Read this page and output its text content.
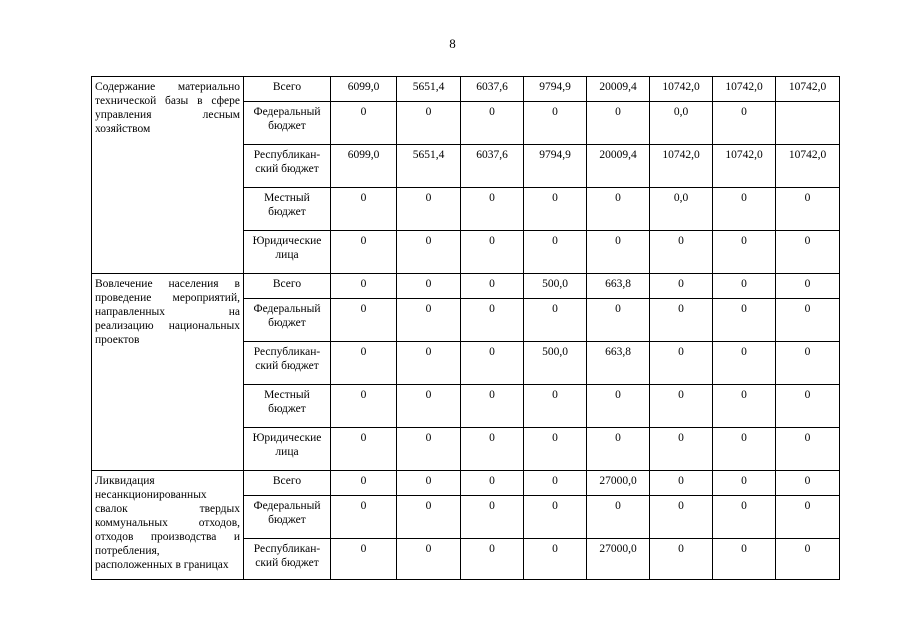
8
Содержание материально технической базы в сфере управления лесным хозяйством	Всего	6099,0	5651,4	6037,6	9794,9	20009,4	10742,0	10742,0	10742,0
	Федеральный бюджет	0	0	0	0	0	0,0	0	
	Республикан-ский бюджет	6099,0	5651,4	6037,6	9794,9	20009,4	10742,0	10742,0	10742,0
	Местный бюджет	0	0	0	0	0	0,0	0	0
	Юридические лица	0	0	0	0	0	0	0	0
Вовлечение населения в проведение мероприятий, направленных на реализацию национальных проектов	Всего	0	0	0	500,0	663,8	0	0	0
	Федеральный бюджет	0	0	0	0	0	0	0	0
	Республикан-ский бюджет	0	0	0	500,0	663,8	0	0	0
	Местный бюджет	0	0	0	0	0	0	0	0
	Юридические лица	0	0	0	0	0	0	0	0
Ликвидация несанкционированных свалок твердых коммунальных отходов, отходов производства и потребления, расположенных в границах	Всего	0	0	0	0	27000,0	0	0	0
	Федеральный бюджет	0	0	0	0	0	0	0	0
	Республикан-ский бюджет	0	0	0	0	27000,0	0	0	0
